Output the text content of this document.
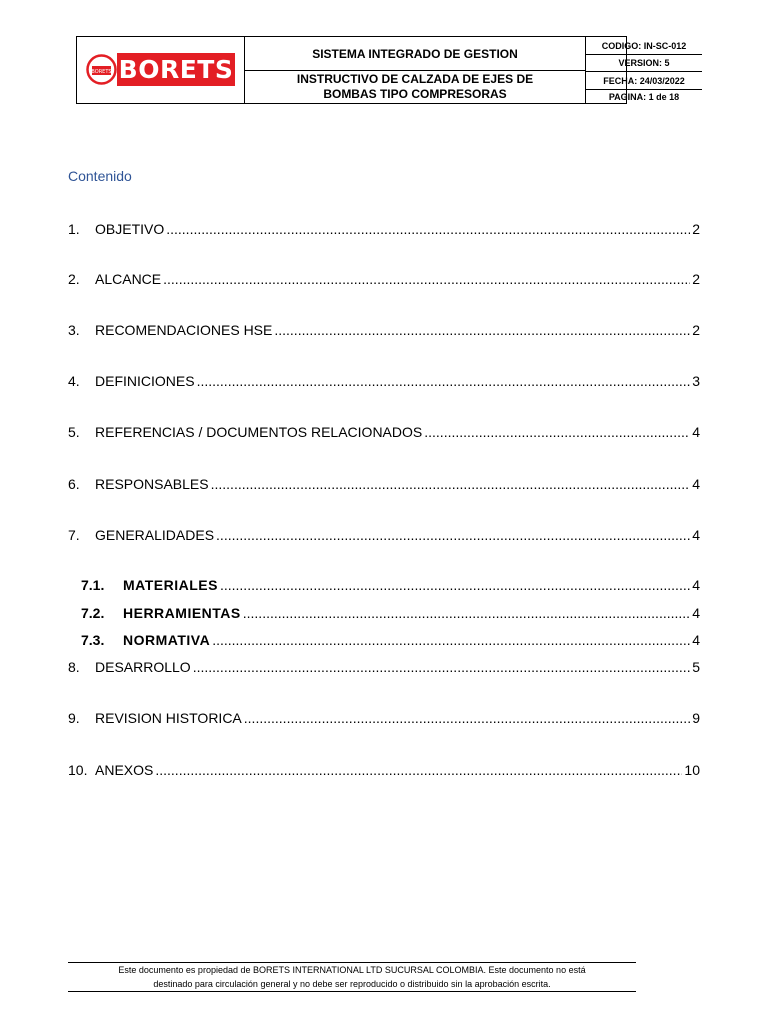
BORETS BORETS
SISTEMA INTEGRADO DE GESTION
INSTRUCTIVO DE CALZADA DE EJES DE
BOMBAS TIPO COMPRESORAS
CODIGO: IN-SC-012
VERSION: 5
FECHA: 24/03/2022
PAGINA: 1 de 18
Contenido
1.	OBJETIVO .....	2
2.	ALCANCE .....	2
3.	RECOMENDACIONES HSE .....	2
4.	DEFINICIONES .....	3
5.	REFERENCIAS / DOCUMENTOS RELACIONADOS .....	4
6.	RESPONSABLES .....	4
7.	GENERALIDADES .....	4
7.1.	MATERIALES .....	4
7.2.	HERRAMIENTAS .....	4
7.3.	NORMATIVA .....	4
8.	DESARROLLO .....	5
9.	REVISION HISTORICA .....	9
10. ANEXOS .....	10
Este documento es propiedad de BORETS INTERNATIONAL LTD SUCURSAL COLOMBIA. Este documento no está
destinado para circulación general y no debe ser reproducido o distribuido sin la aprobación escrita.
